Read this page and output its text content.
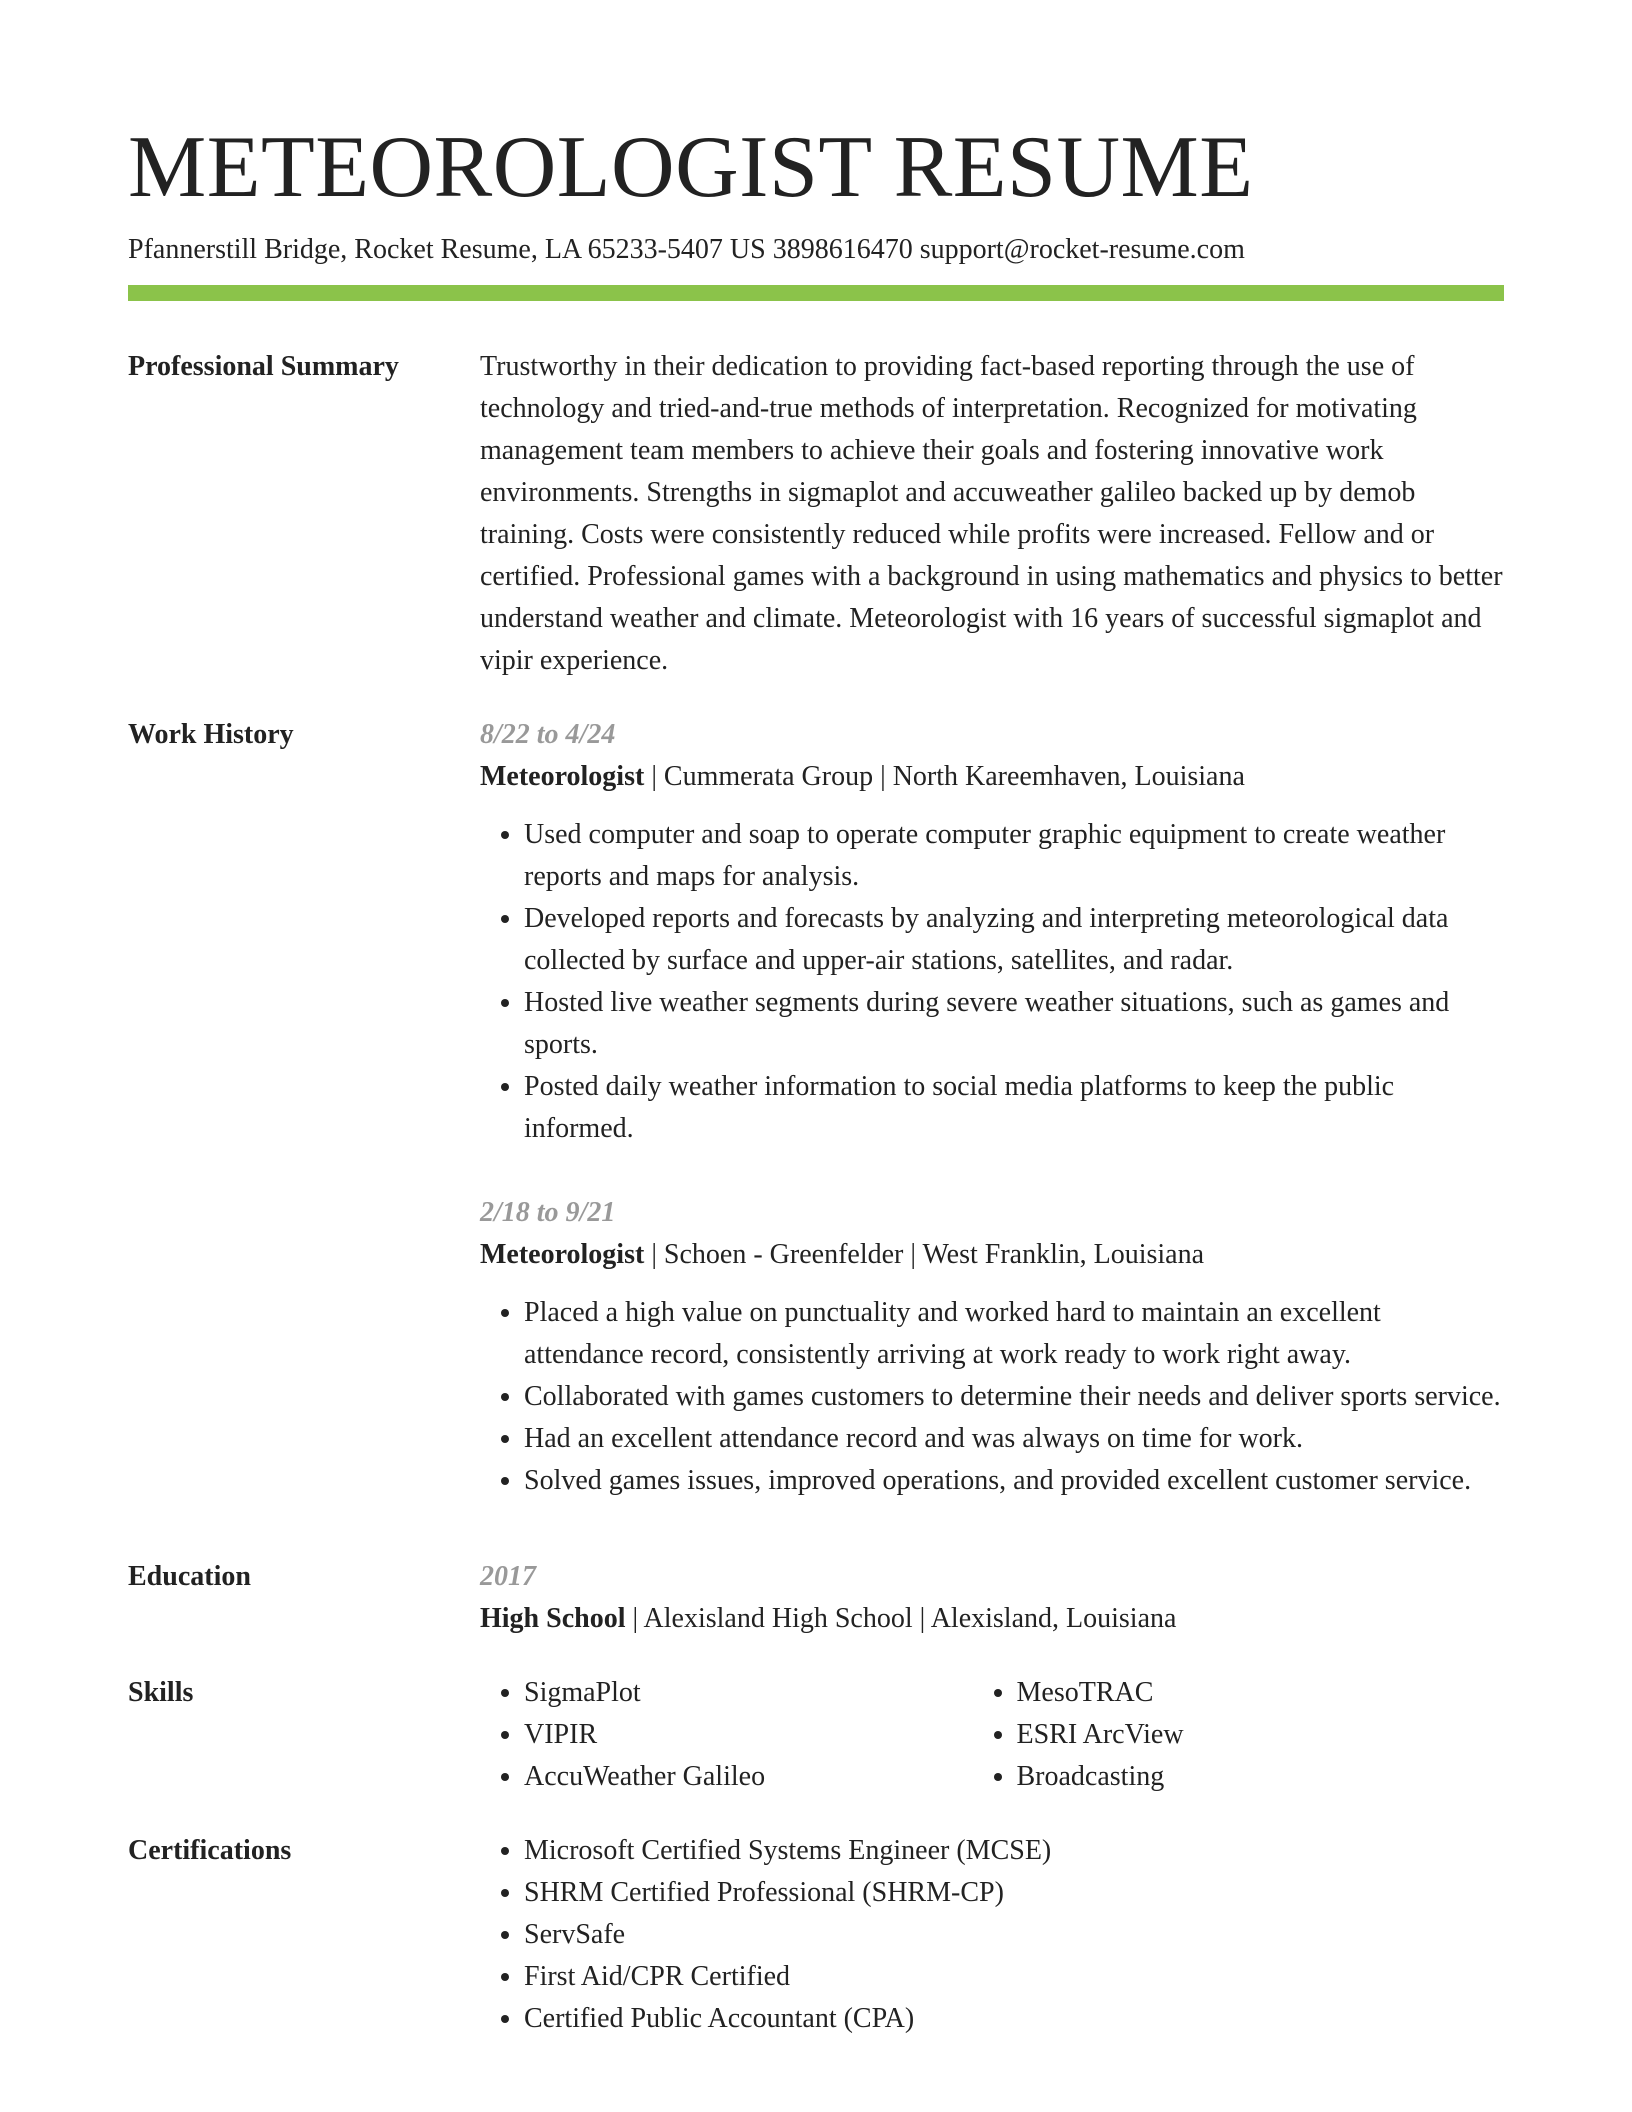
METEOROLOGIST RESUME
Pfannerstill Bridge, Rocket Resume, LA 65233-5407 US 3898616470 support@rocket-resume.com
Professional Summary	Trustworthy in their dedication to providing fact-based reporting through the use of technology and tried-and-true methods of interpretation. Recognized for motivating management team members to achieve their goals and fostering innovative work environments. Strengths in sigmaplot and accuweather galileo backed up by demob training. Costs were consistently reduced while profits were increased. Fellow and or certified. Professional games with a background in using mathematics and physics to better understand weather and climate. Meteorologist with 16 years of successful sigmaplot and vipir experience.

Work History	8/22 to 4/24

Meteorologist | Cummerata Group | North Kareemhaven, Louisiana

• Used computer and soap to operate computer graphic equipment to create weather reports and maps for analysis.
• Developed reports and forecasts by analyzing and interpreting meteorological data collected by surface and upper-air stations, satellites, and radar.
• Hosted live weather segments during severe weather situations, such as games and sports.
• Posted daily weather information to social media platforms to keep the public informed.
2/18 to 9/21

Meteorologist | Schoen - Greenfelder | West Franklin, Louisiana

• Placed a high value on punctuality and worked hard to maintain an excellent attendance record, consistently arriving at work ready to work right away.
• Collaborated with games customers to determine their needs and deliver sports service.
• Had an excellent attendance record and was always on time for work.
• Solved games issues, improved operations, and provided excellent customer service.
Education	2017

High School | Alexisland High School | Alexisland, Louisiana

Skills	• SigmaPlot
• VIPIR
• AccuWeather Galileo
• MesoTRAC
• ESRI ArcView
• Broadcasting
Certifications	• Microsoft Certified Systems Engineer (MCSE)
• SHRM Certified Professional (SHRM-CP)
• ServSafe
• First Aid/CPR Certified
• Certified Public Accountant (CPA)
